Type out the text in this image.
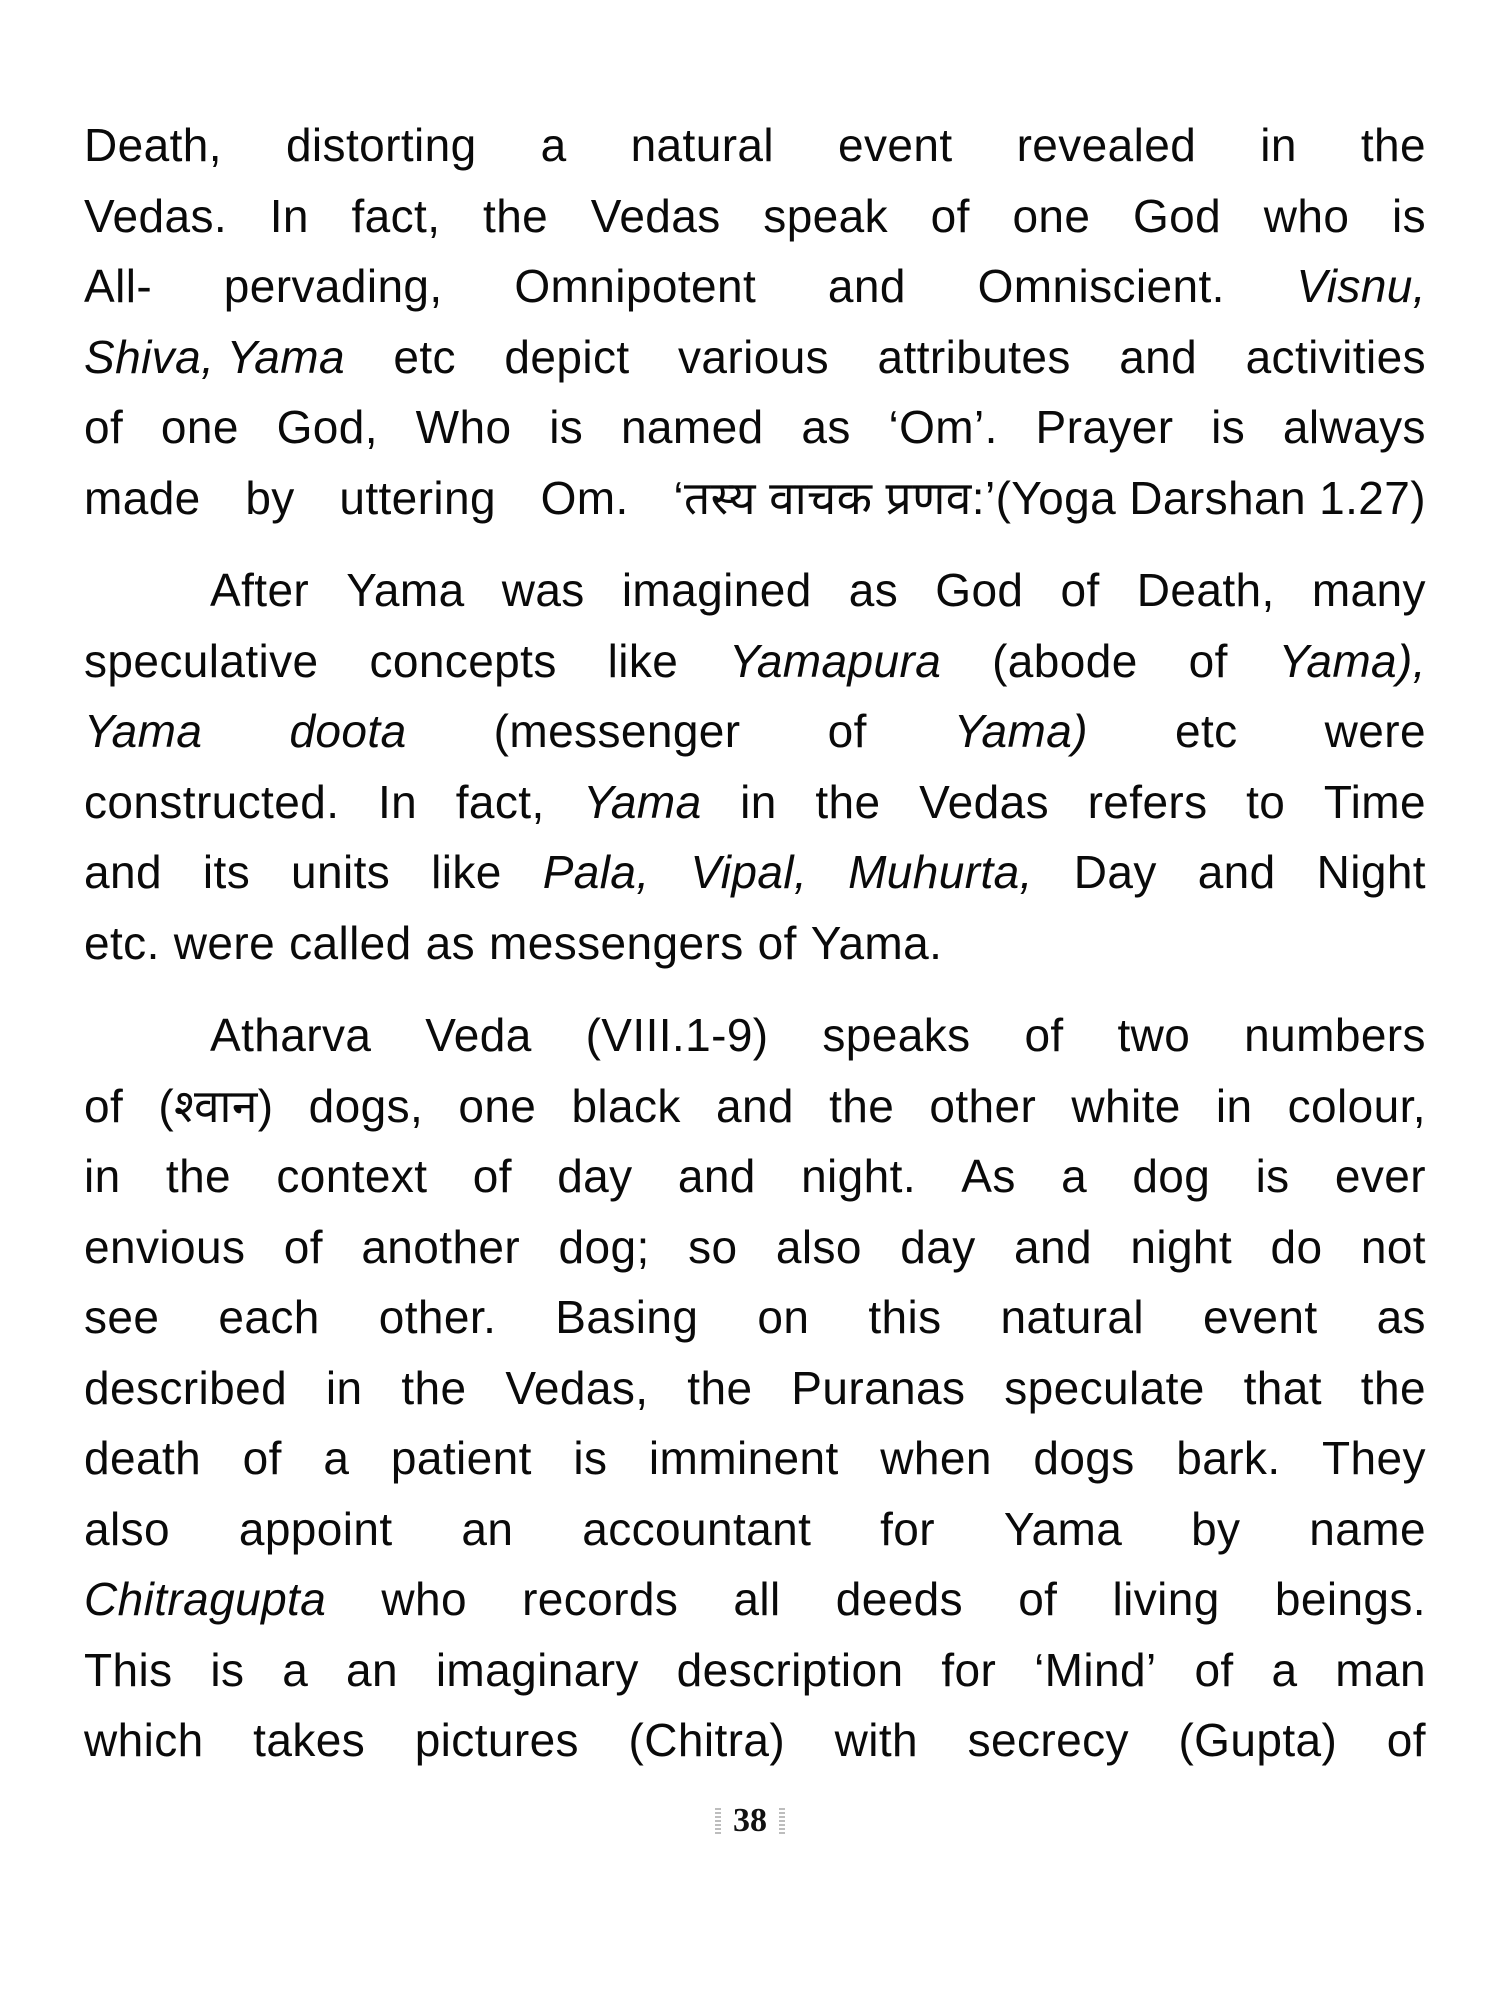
Death, distorting a natural event revealed in the
Vedas. In fact, the Vedas speak of one God who is
All- pervading, Omnipotent and Omniscient. Visnu,
Shiva, Yama etc depict various attributes and activities
of one God, Who is named as ‘Om’. Prayer is always
made by uttering Om. ‘तस्य वाचक प्रणव:’(Yoga Darshan 1.27)
After Yama was imagined as God of Death, many
speculative concepts like Yamapura (abode of Yama),
Yama doota (messenger of Yama) etc were
constructed. In fact, Yama in the Vedas refers to Time
and its units like Pala, Vipal, Muhurta, Day and Night
etc. were called as messengers of Yama.
Atharva Veda (VIII.1-9) speaks of two numbers
of (श्वान) dogs, one black and the other white in colour,
in the context of day and night. As a dog is ever
envious of another dog; so also day and night do not
see each other. Basing on this natural event as
described in the Vedas, the Puranas speculate that the
death of a patient is imminent when dogs bark. They
also appoint an accountant for Yama by name
Chitragupta who records all deeds of living beings.
This is a an imaginary description for ‘Mind’ of a man
which takes pictures (Chitra) with secrecy (Gupta) of
38
